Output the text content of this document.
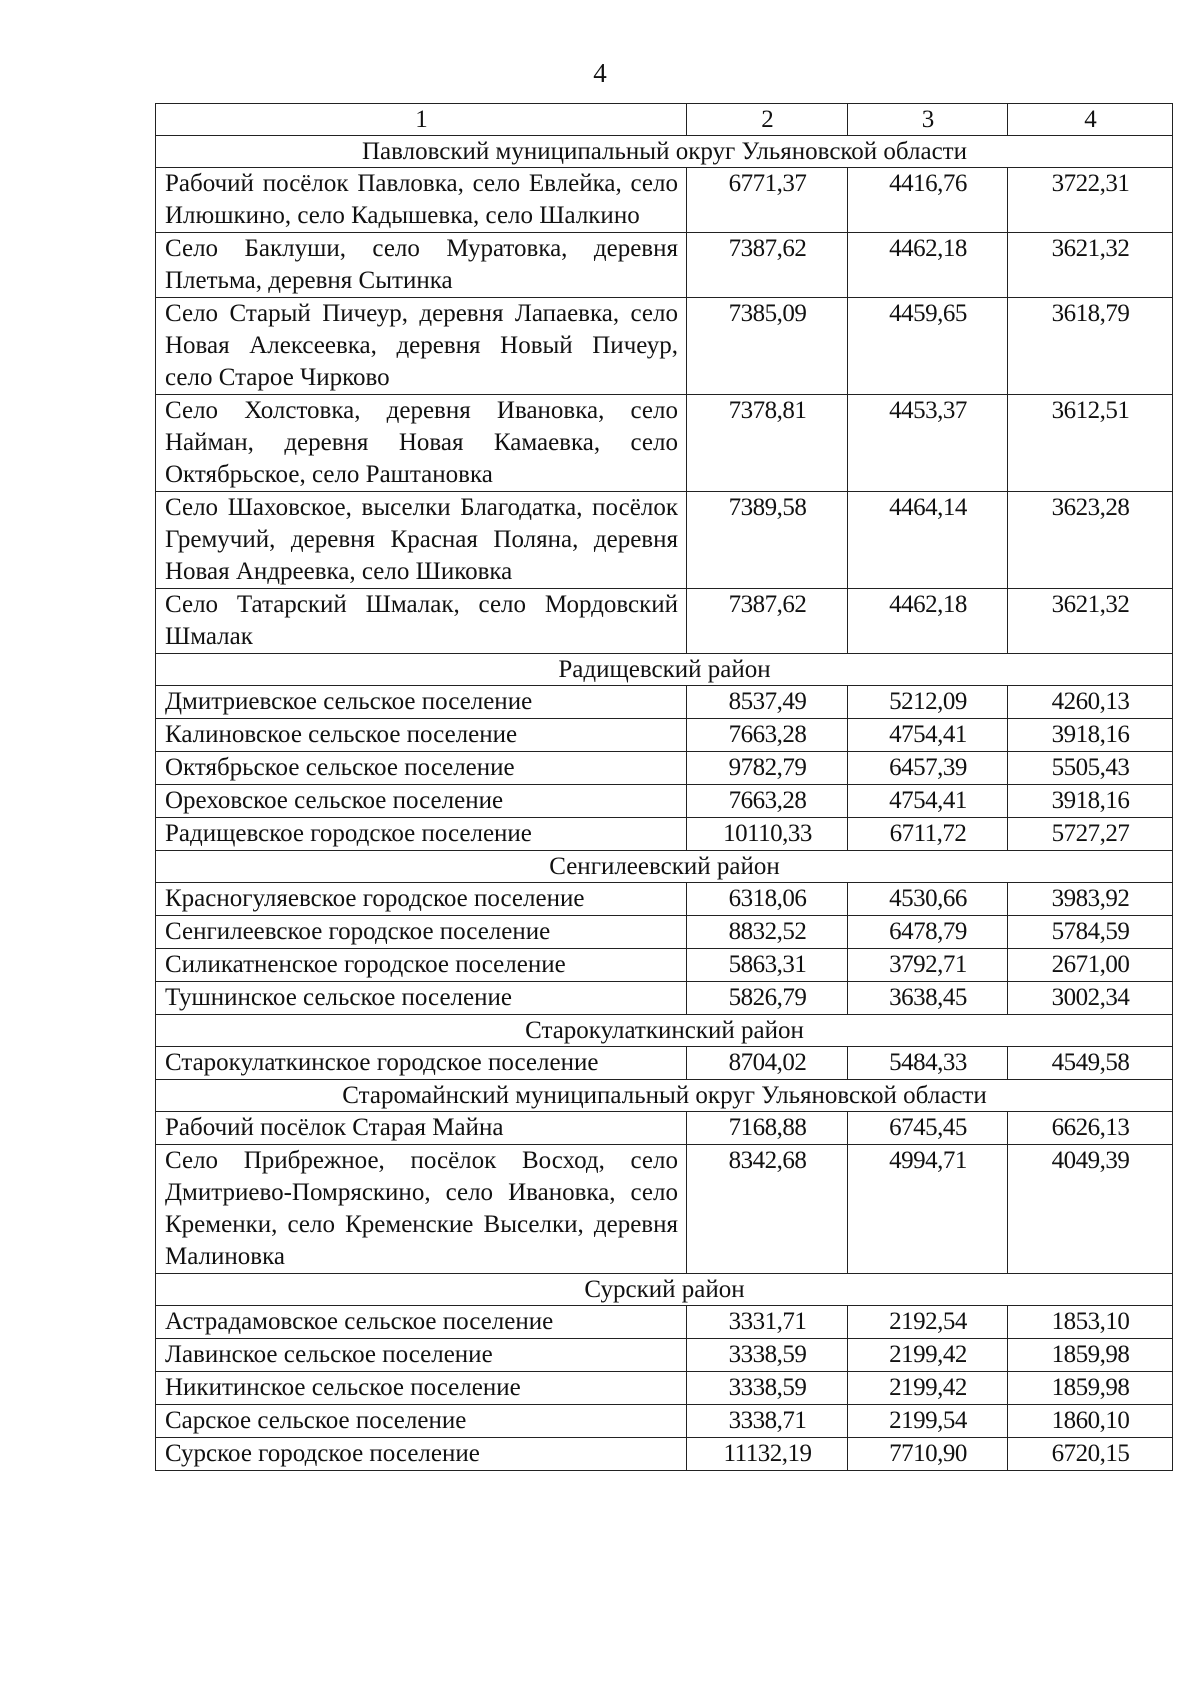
4
1	2	3	4
Павловский муниципальный округ Ульяновской области			
Рабочий посёлок Павловка, село Евлейка, село Илюшкино, село Кадышевка, село Шалкино	6771,37	4416,76	3722,31
Село Баклуши, село Муратовка, деревня Плетьма, деревня Сытинка	7387,62	4462,18	3621,32
Село Старый Пичеур, деревня Лапаевка, село Новая Алексеевка, деревня Новый Пичеур, село Старое Чирково	7385,09	4459,65	3618,79
Село Холстовка, деревня Ивановка, село Найман, деревня Новая Камаевка, село Октябрьское, село Раштановка	7378,81	4453,37	3612,51
Село Шаховское, выселки Благодатка, посёлок Гремучий, деревня Красная Поляна, деревня Новая Андреевка, село Шиковка	7389,58	4464,14	3623,28
Село Татарский Шмалак, село Мордовский Шмалак	7387,62	4462,18	3621,32
Радищевский район			
Дмитриевское сельское поселение	8537,49	5212,09	4260,13
Калиновское сельское поселение	7663,28	4754,41	3918,16
Октябрьское сельское поселение	9782,79	6457,39	5505,43
Ореховское сельское поселение	7663,28	4754,41	3918,16
Радищевское городское поселение	10110,33	6711,72	5727,27
Сенгилеевский район			
Красногуляевское городское поселение	6318,06	4530,66	3983,92
Сенгилеевское городское поселение	8832,52	6478,79	5784,59
Силикатненское городское поселение	5863,31	3792,71	2671,00
Тушнинское сельское поселение	5826,79	3638,45	3002,34
Старокулаткинский район			
Старокулаткинское городское поселение	8704,02	5484,33	4549,58
Старомайнский муниципальный округ Ульяновской области			
Рабочий посёлок Старая Майна	7168,88	6745,45	6626,13
Село Прибрежное, посёлок Восход, село Дмитриево-Помряскино, село Ивановка, село Кременки, село Кременские Выселки, деревня Малиновка	8342,68	4994,71	4049,39
Сурский район			
Астрадамовское сельское поселение	3331,71	2192,54	1853,10
Лавинское сельское поселение	3338,59	2199,42	1859,98
Никитинское сельское поселение	3338,59	2199,42	1859,98
Сарское сельское поселение	3338,71	2199,54	1860,10
Сурское городское поселение	11132,19	7710,90	6720,15
